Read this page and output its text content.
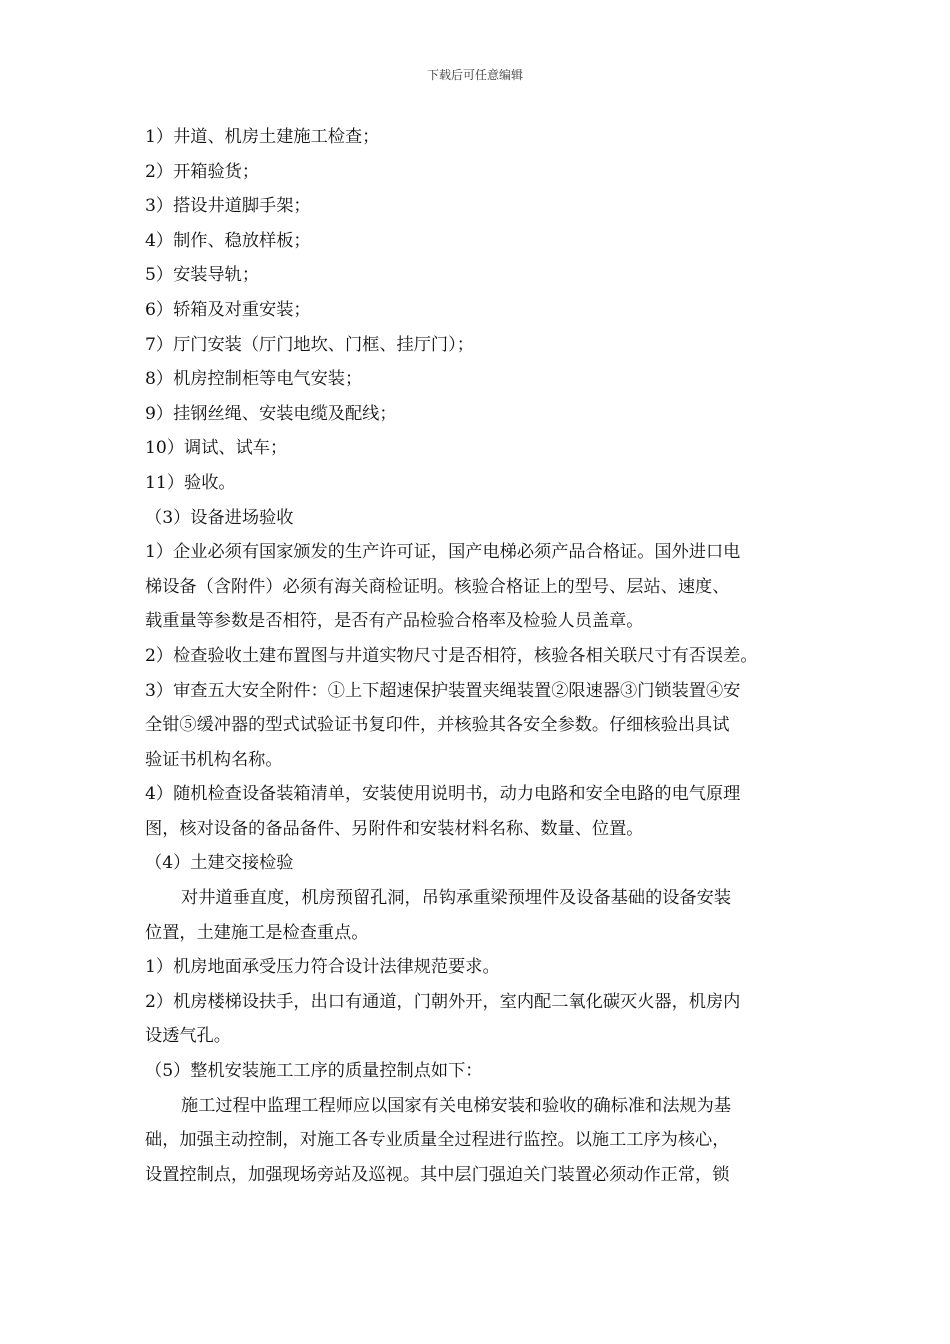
下载后可任意编辑
1）井道、机房土建施工检查；
2）开箱验货；
3）搭设井道脚手架；
4）制作、稳放样板；
5）安装导轨；
6）轿箱及对重安装；
7）厅门安装（厅门地坎、门框、挂厅门）；
8）机房控制柜等电气安装；
9）挂钢丝绳、安装电缆及配线；
10）调试、试车；
11）验收。
（3）设备进场验收
1）企业必须有国家颁发的生产许可证，国产电梯必须产品合格证。国外进口电
梯设备（含附件）必须有海关商检证明。核验合格证上的型号、层站、速度、
载重量等参数是否相符，是否有产品检验合格率及检验人员盖章。
2）检查验收土建布置图与井道实物尺寸是否相符，核验各相关联尺寸有否误差。
3）审查五大安全附件：①上下超速保护装置夹绳装置②限速器③门锁装置④安
全钳⑤缓冲器的型式试验证书复印件，并核验其各安全参数。仔细核验出具试
验证书机构名称。
4）随机检查设备装箱清单，安装使用说明书，动力电路和安全电路的电气原理
图，核对设备的备品备件、另附件和安装材料名称、数量、位置。
（4）土建交接检验
对井道垂直度，机房预留孔洞，吊钩承重梁预埋件及设备基础的设备安装
位置，土建施工是检查重点。
1）机房地面承受压力符合设计法律规范要求。
2）机房楼梯设扶手，出口有通道，门朝外开，室内配二氧化碳灭火器，机房内
设透气孔。
（5）整机安装施工工序的质量控制点如下：
施工过程中监理工程师应以国家有关电梯安装和验收的确标准和法规为基
础，加强主动控制，对施工各专业质量全过程进行监控。以施工工序为核心，
设置控制点，加强现场旁站及巡视。其中层门强迫关门装置必须动作正常，锁
